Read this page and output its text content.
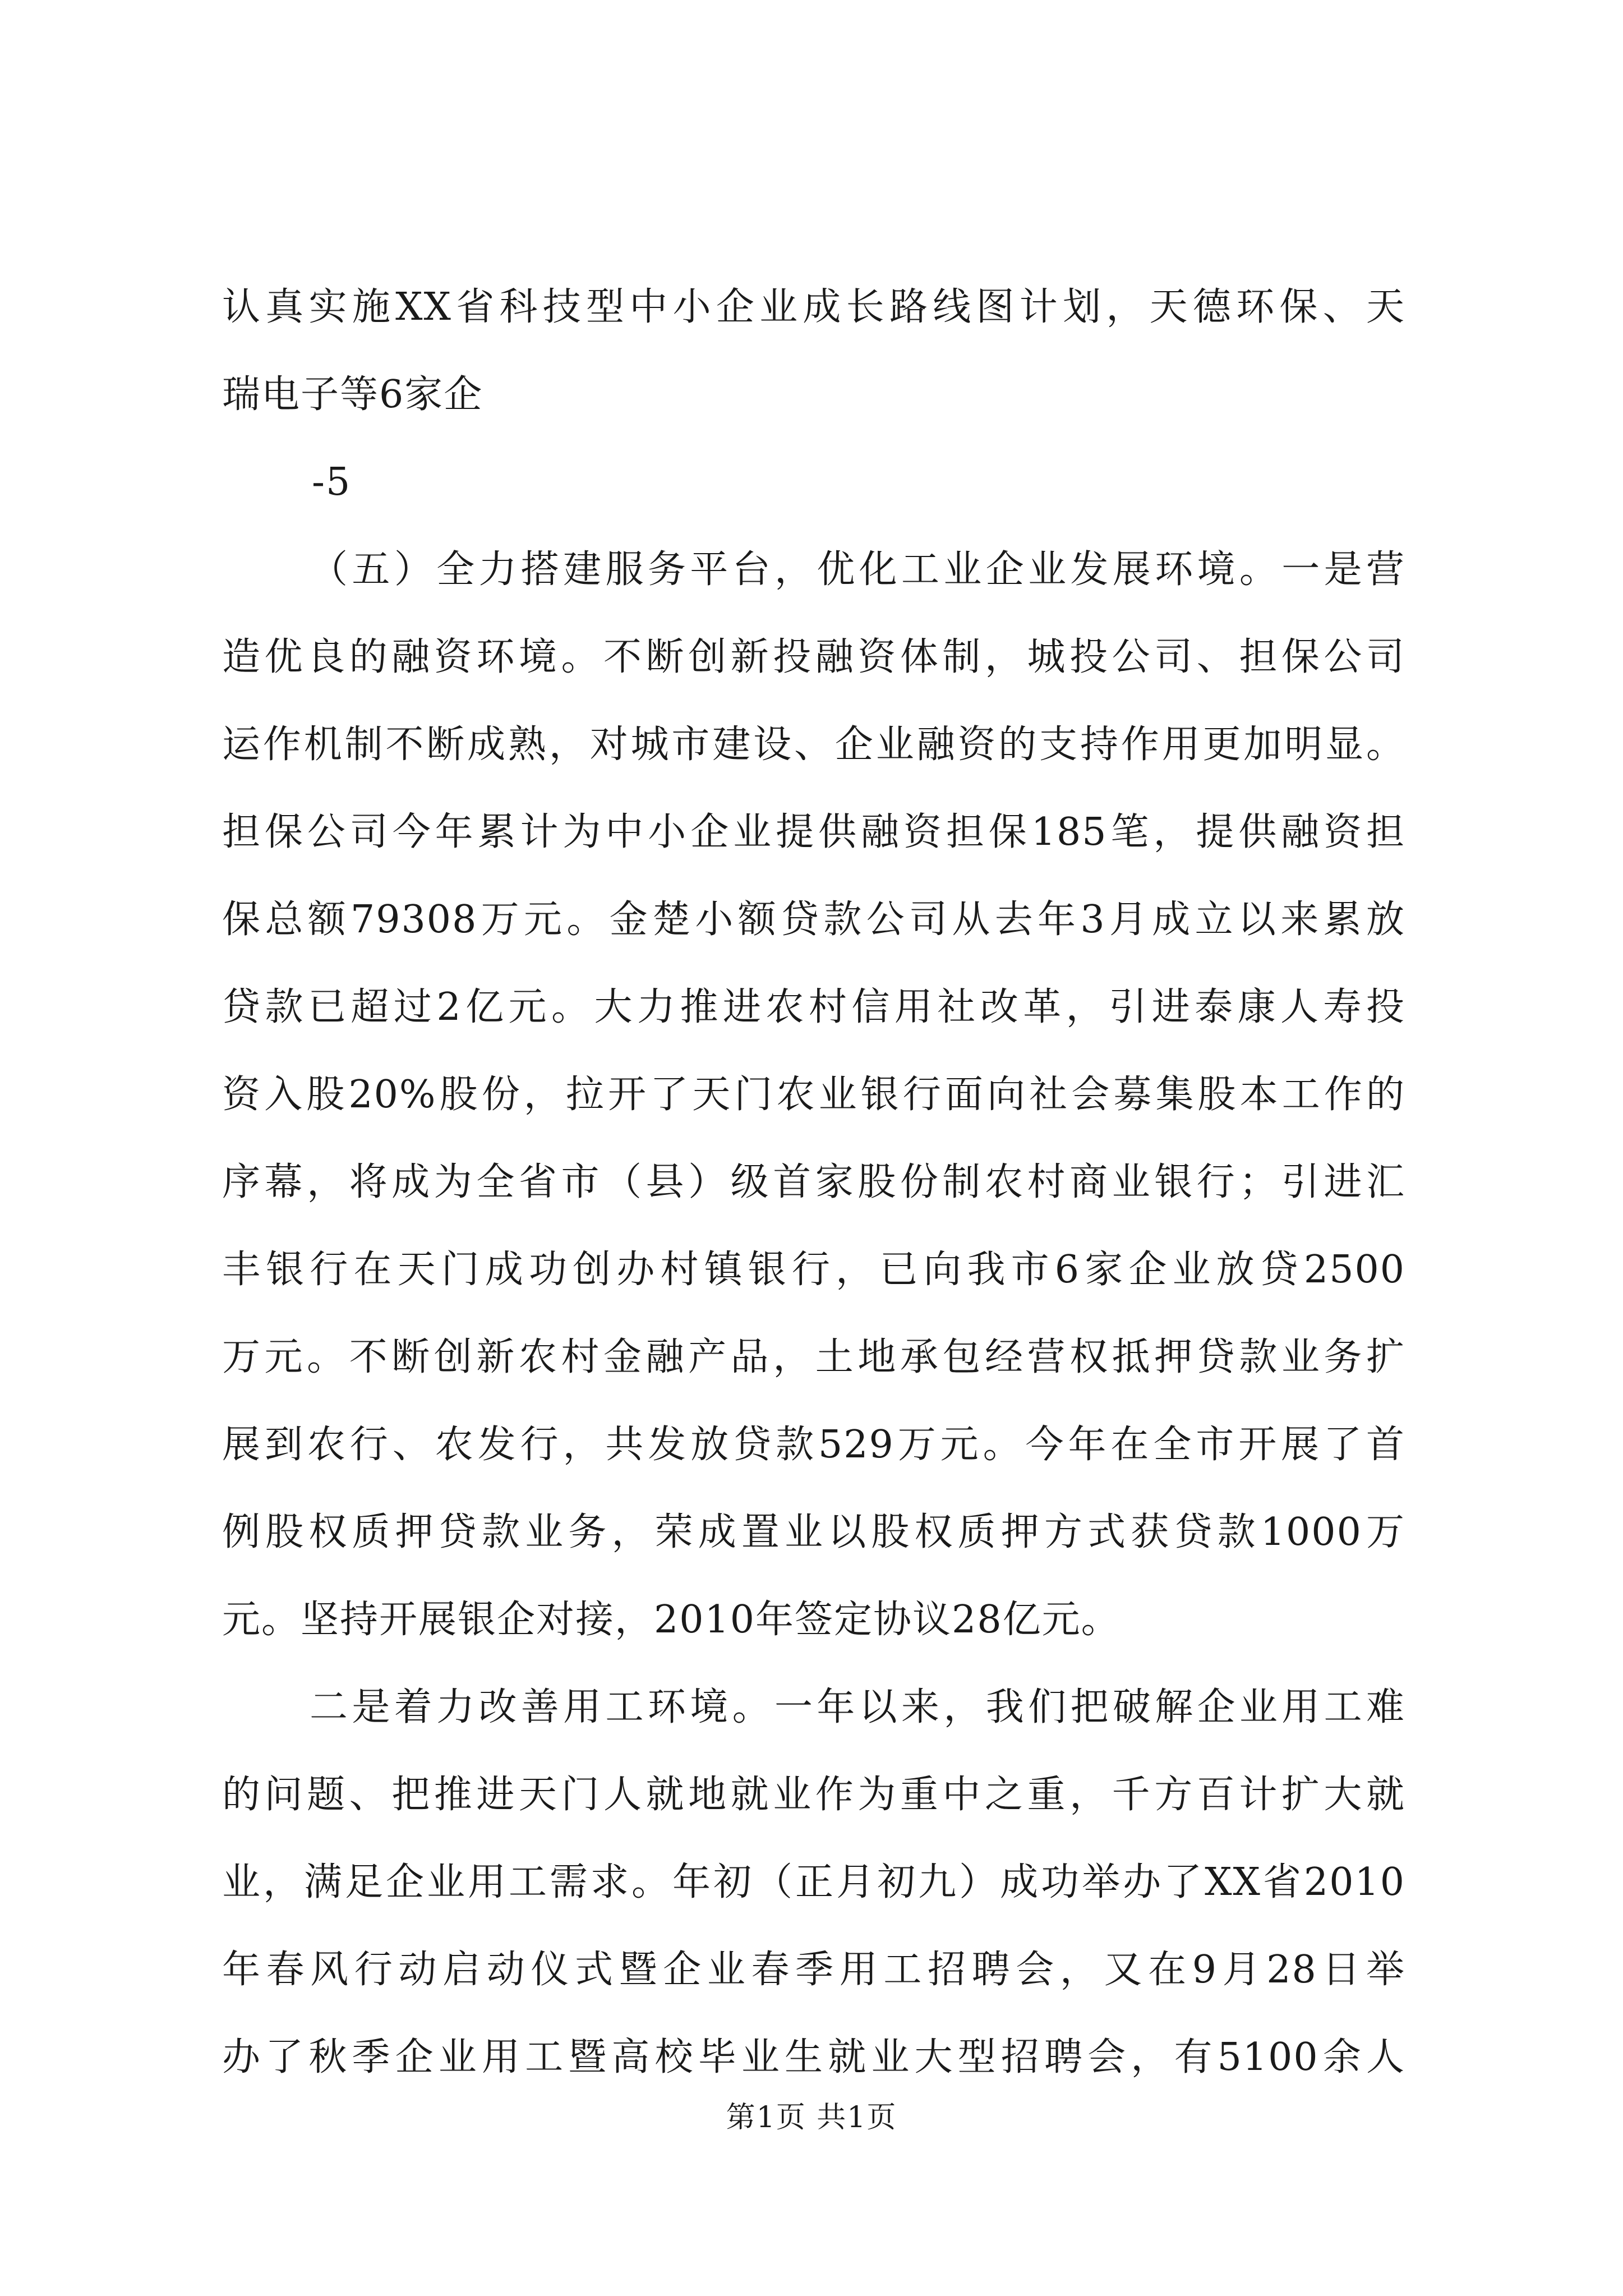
认真实施XX省科技型中小企业成长路线图计划，天德环保、天
瑞电子等6家企
-5
（五）全力搭建服务平台，优化工业企业发展环境。一是营
造优良的融资环境。不断创新投融资体制，城投公司、担保公司
运作机制不断成熟，对城市建设、企业融资的支持作用更加明显。
担保公司今年累计为中小企业提供融资担保185笔，提供融资担
保总额79308万元。金楚小额贷款公司从去年3月成立以来累放
贷款已超过2亿元。大力推进农村信用社改革，引进泰康人寿投
资入股20%股份，拉开了天门农业银行面向社会募集股本工作的
序幕，将成为全省市（县）级首家股份制农村商业银行；引进汇
丰银行在天门成功创办村镇银行，已向我市6家企业放贷2500
万元。不断创新农村金融产品，土地承包经营权抵押贷款业务扩
展到农行、农发行，共发放贷款529万元。今年在全市开展了首
例股权质押贷款业务，荣成置业以股权质押方式获贷款1000万
元。坚持开展银企对接，2010年签定协议28亿元。
二是着力改善用工环境。一年以来，我们把破解企业用工难
的问题、把推进天门人就地就业作为重中之重，千方百计扩大就
业，满足企业用工需求。年初（正月初九）成功举办了XX省2010
年春风行动启动仪式暨企业春季用工招聘会，又在9月28日举
办了秋季企业用工暨高校毕业生就业大型招聘会，有5100余人
第1页 共1页
